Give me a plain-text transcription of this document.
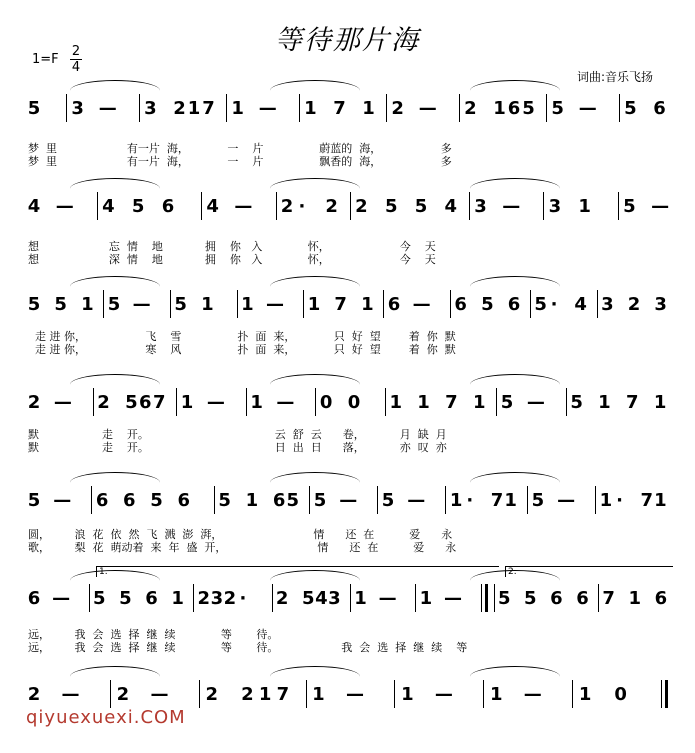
等待那片海
1=F
2
4
词曲:音乐飞扬
5 3 — 3 2 1 7 1 — 1 7 1 2 — 2 1 6 5 5 — 5 6
梦  里                    有一片  海，           一    片                蔚蓝的  海，                 多
梦  里                    有一片  海，           一    片                飘香的  海，                 多
4 — 4 5 6 4 — 2 · 2 2 5 5 4 3 — 3 1 5 —
想                    忘  情    地            拥    你   入             怀，                    今    天
想                    深  情    地            拥    你   入             怀，                    今    天
5 5 1 5 — 5 1 1 — 1 7 1 6 — 6 5 6 5 · 4 3 2 3
走 进 你，                 飞    雪                扑  面  来，           只  好  望        着  你  默
走 进 你，                 寒    风                扑  面  来，           只  好  望        着  你  默
2 — 2 5 6 7 1 — 1 — 0 0 1 1 7 1 5 — 5 1 7 1
默                  走    开。                                    云  舒  云      卷，          月  缺  月
默                  走    开。                                    日  出  日      落，          亦  叹  亦
5 — 6 6 5 6 5 1 6 5 5 — 5 — 1 · 7 1 5 — 1 · 7 1
圆，       浪  花  依  然  飞  溅  澎  湃，                          情      还  在          爱      永
歌，       梨  花  萌动着  来  年  盛  开，                          情      还  在          爱      永
6 — 5 5 6 1 2 3 2 · 2 5 4 3 1 — 1 — 5 5 6 6 7 1 6
远，       我  会  选  择  继  续             等       待。
远，       我  会  选  择  继  续             等       待。                  我  会  选  择  继  续    等
1.	2.
2 — 2 — 2 2 1 7 1 — 1 — 1 — 1 0
qiyuexuexi.COM
